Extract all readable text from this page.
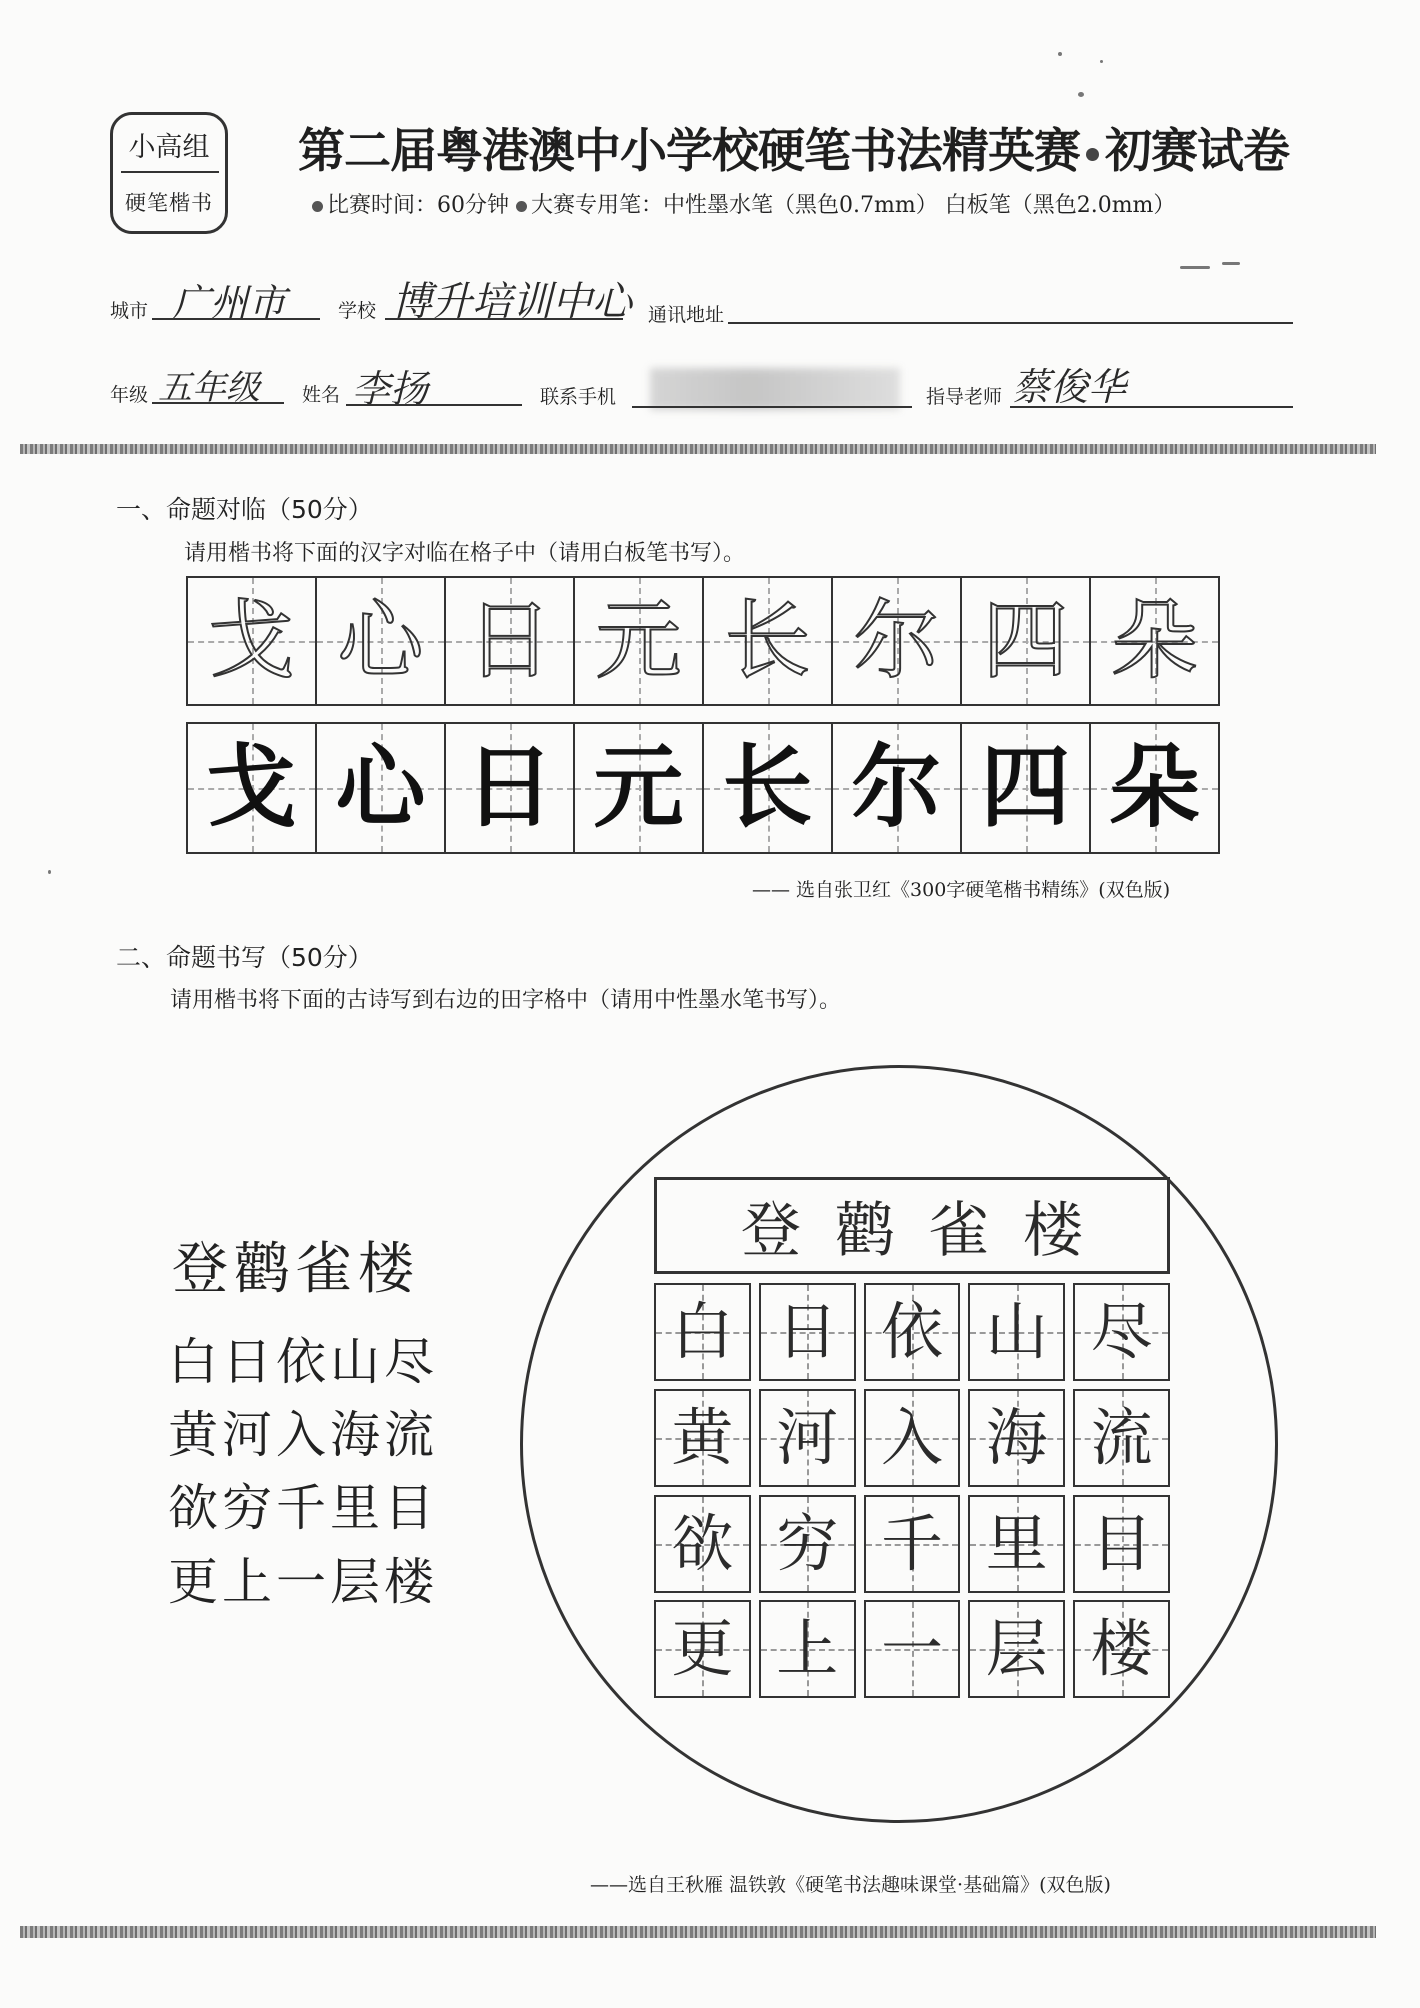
小高组
硬笔楷书
第二届粤港澳中小学校硬笔书法精英赛 初赛试卷
比赛时间：60分钟 大赛专用笔：中性墨水笔（黑色0.7mm） 白板笔（黑色2.0mm）
城市 广州市	学校 博升培训中心 通讯地址
年级 五年级 姓名 李扬	联系手机	指导老师 蔡俊华
一、命题对临（50分）
请用楷书将下面的汉字对临在格子中（请用白板笔书写）。
戈 心 日 元 长 尔 四 朵
戈 心 日 元 长 尔 四 朵
—— 选自张卫红《300字硬笔楷书精练》(双色版)
二、命题书写（50分）
请用楷书将下面的古诗写到右边的田字格中（请用中性墨水笔书写）。
登鹳雀楼
白日依山尽
黄河入海流
欲穷千里目
更上一层楼
登鹳雀楼
白 日 依 山 尽
黄 河 入 海 流
欲 穷 千 里 目
更 上 一 层 楼
——选自王秋雁 温铁敦《硬笔书法趣味课堂·基础篇》(双色版)
